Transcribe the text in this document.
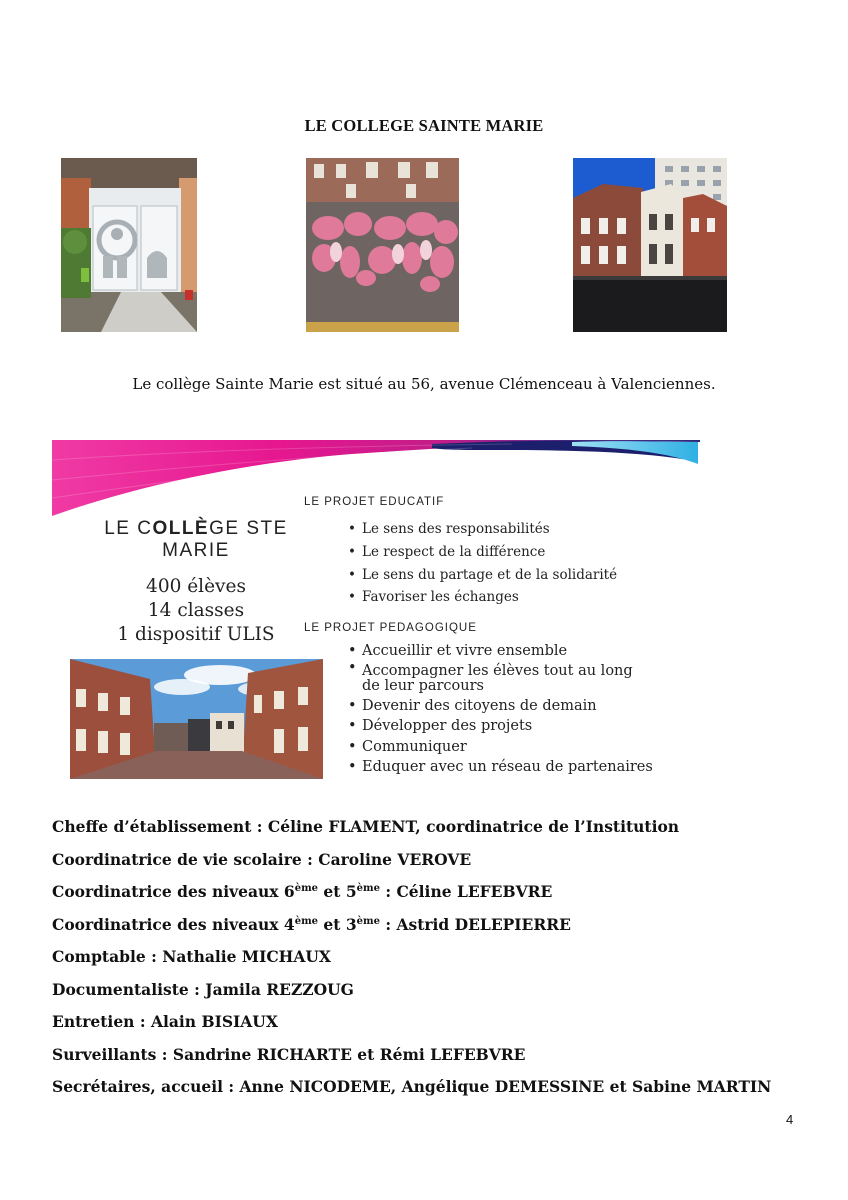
LE COLLEGE SAINTE MARIE
Le collège Sainte Marie est situé au 56, avenue Clémenceau à Valenciennes.
LE COLLÈGE STE
MARIE
400 élèves
14 classes
1 dispositif ULIS
LE PROJET EDUCATIF
• Le sens des responsabilités
• Le respect de la différence
• Le sens du partage et de la solidarité
• Favoriser les échanges
LE PROJET PEDAGOGIQUE
• Accueillir et vivre ensemble
• Accompagner les élèves tout au long de leur parcours
• Devenir des citoyens de demain
• Développer des projets
• Communiquer
• Eduquer avec un réseau de partenaires
Cheffe d’établissement : Céline FLAMENT, coordinatrice de l’Institution
Coordinatrice de vie scolaire : Caroline VEROVE
Coordinatrice des niveaux 6ème et 5ème : Céline LEFEBVRE
Coordinatrice des niveaux 4ème et 3ème : Astrid DELEPIERRE
Comptable : Nathalie MICHAUX
Documentaliste : Jamila REZZOUG
Entretien : Alain BISIAUX
Surveillants : Sandrine RICHARTE et Rémi LEFEBVRE
Secrétaires, accueil : Anne NICODEME, Angélique DEMESSINE et Sabine MARTIN
4
